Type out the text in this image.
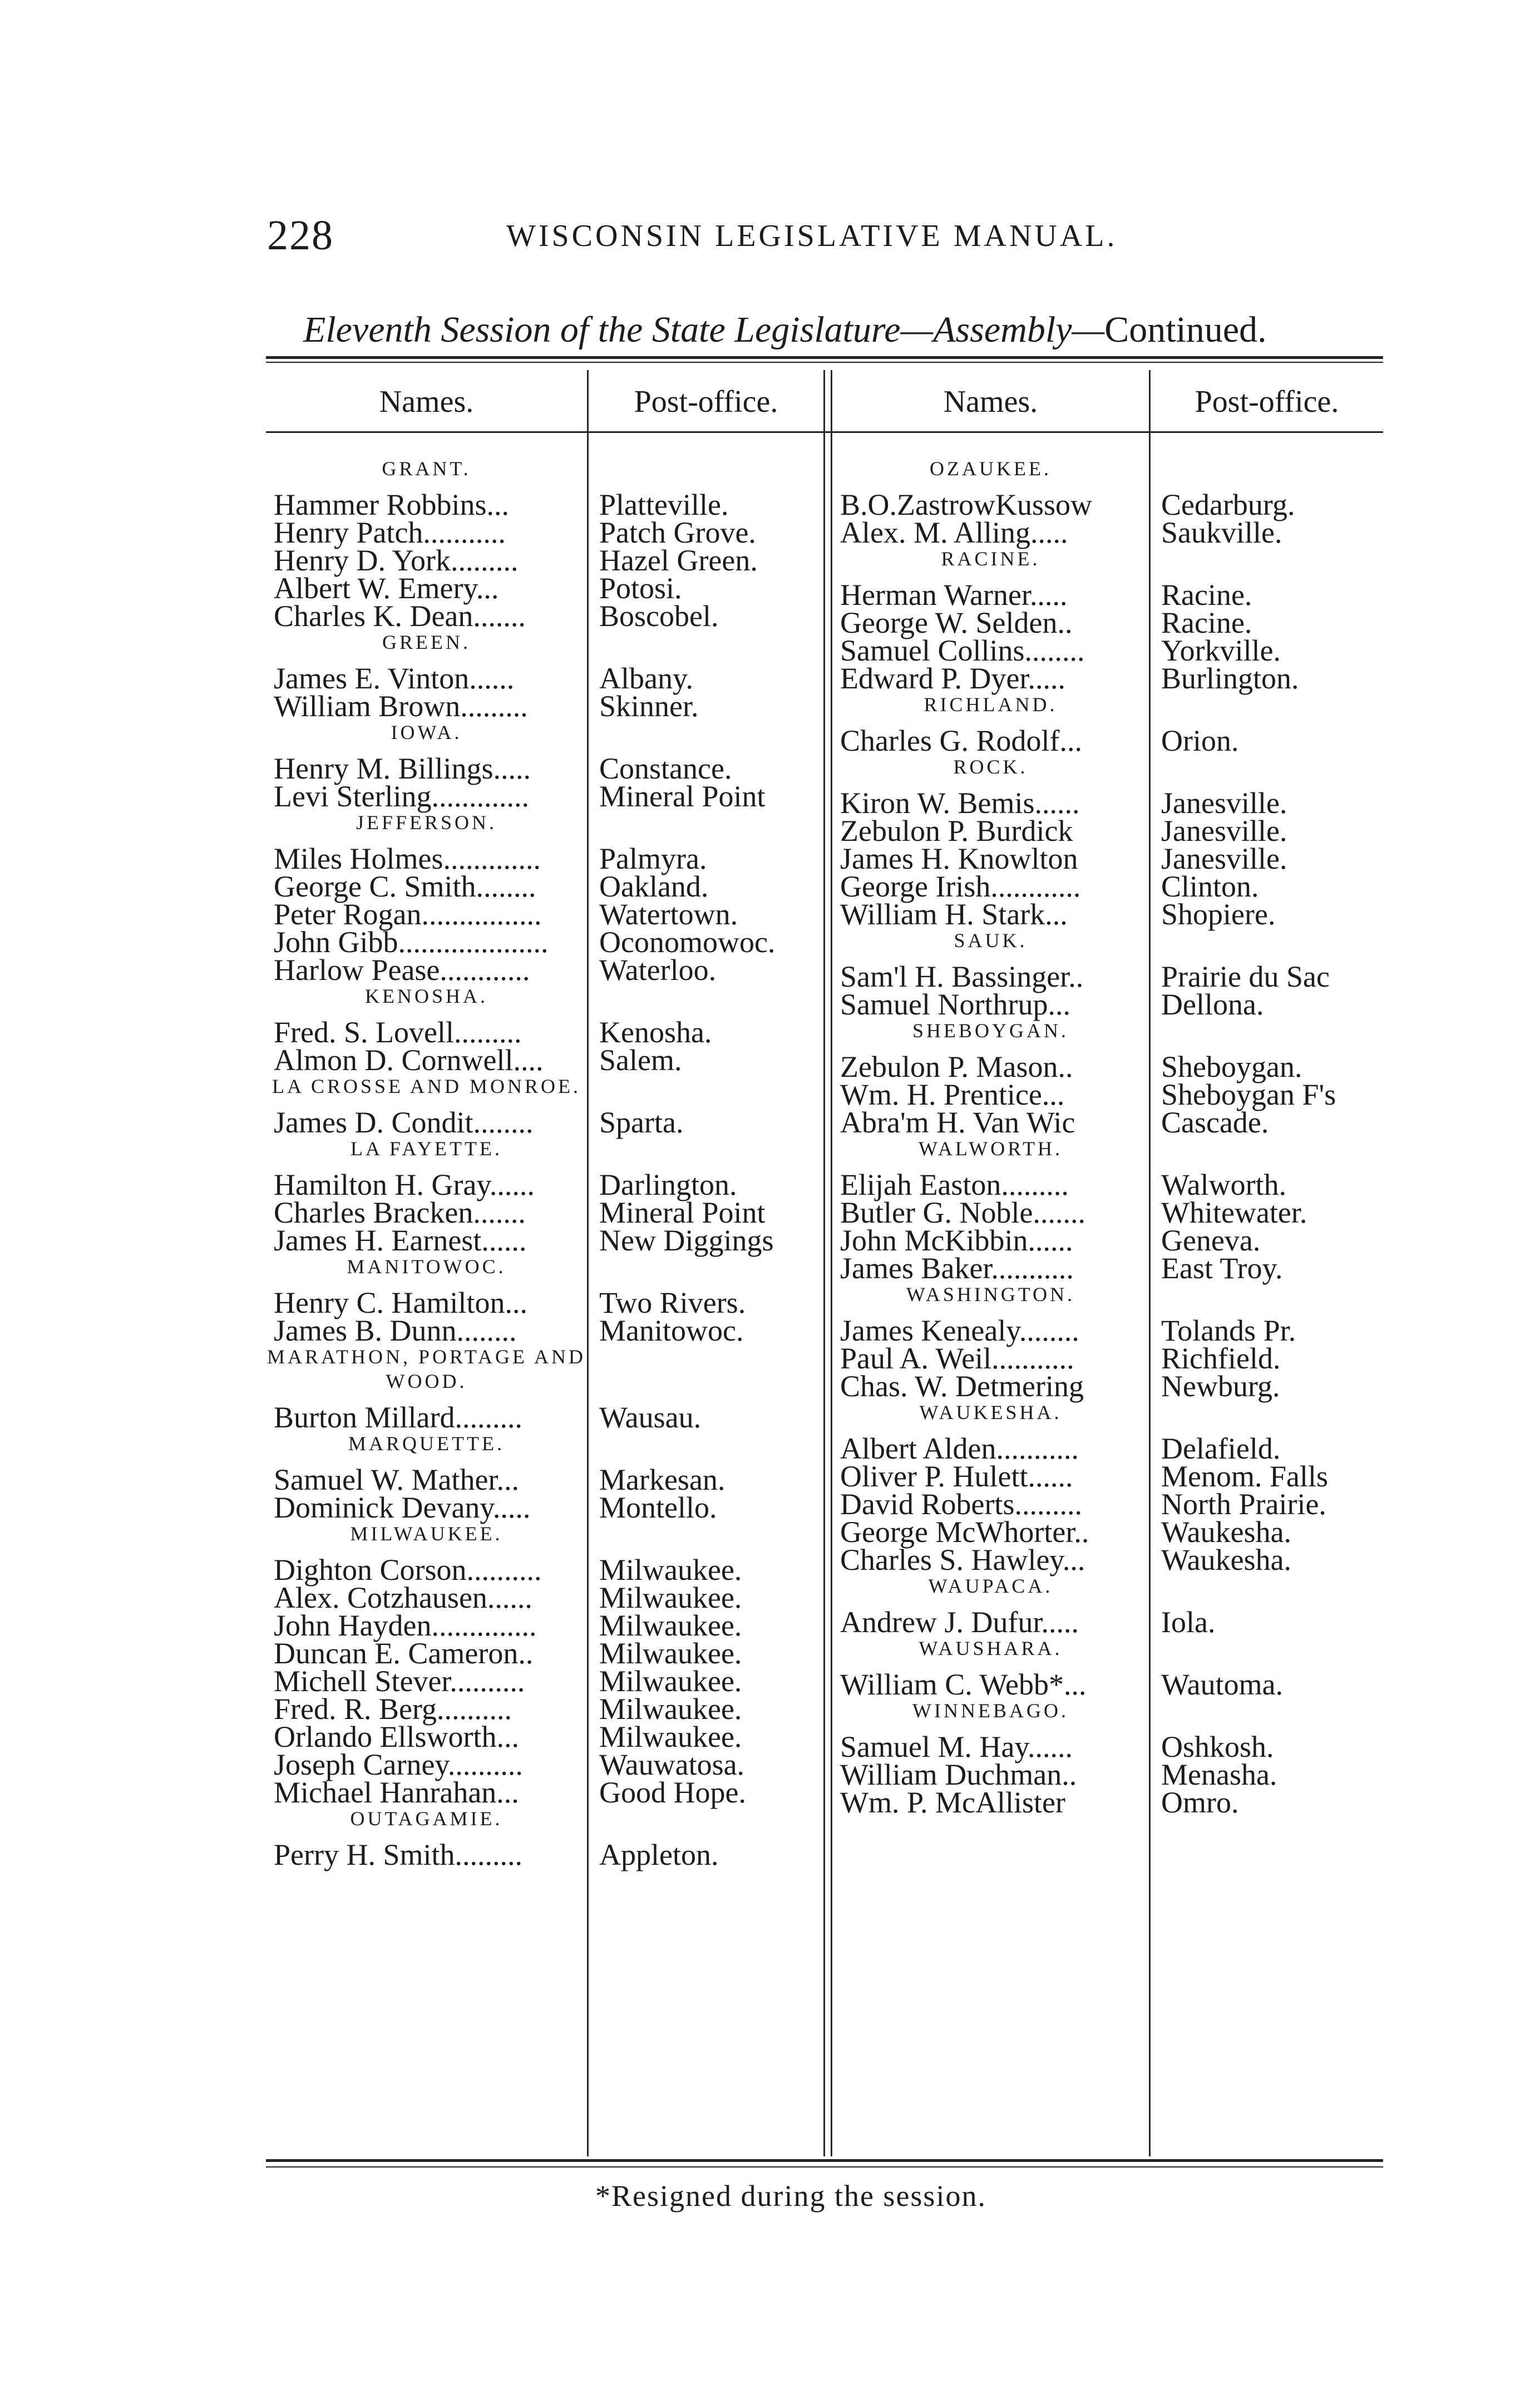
228	WISCONSIN LEGISLATIVE MANUAL.
Eleventh Session of the State Legislature—Assembly—Continued.
Names.	Post-office.	Names.	Post-office.
GRANT.
Hammer Robbins...	Platteville.
Henry Patch...........	Patch Grove.
Henry D. York.........	Hazel Green.
Albert W. Emery...	Potosi.
Charles K. Dean....... Boscobel.
GREEN.
James E. Vinton......	Albany.
William Brown......... Skinner.
IOWA.
Henry M. Billings..... Constance.
Levi Sterling............. Mineral Point
JEFFERSON.
Miles Holmes............. Palmyra.
George C. Smith........ Oakland.
Peter Rogan................ Watertown.
John Gibb.................... Oconomowoc.
Harlow Pease............ Waterloo.
KENOSHA.
Fred. S. Lovell.........	Kenosha.
Almon D. Cornwell.... Salem.
LA CROSSE AND MONROE.
James D. Condit........ Sparta.
LA FAYETTE.
Hamilton H. Gray...... Darlington.
Charles Bracken....... Mineral Point
James H. Earnest...... New Diggings
MANITOWOC.
Henry C. Hamilton... Two Rivers.
James B. Dunn........	Manitowoc.
MARATHON, PORTAGE AND WOOD.
Burton Millard.........	Wausau.
MARQUETTE.
Samuel W. Mather...	Markesan.
Dominick Devany..... Montello.
MILWAUKEE.
Dighton Corson.......... Milwaukee.
Alex. Cotzhausen...... Milwaukee.
John Hayden.............. Milwaukee.
Duncan E. Cameron.. Milwaukee.
Michell Stever.......... Milwaukee.
Fred. R. Berg..........	Milwaukee.
Orlando Ellsworth...	Milwaukee.
Joseph Carney..........	Wauwatosa.
Michael Hanrahan...	Good Hope.
OUTAGAMIE.
Perry H. Smith.........	Appleton.
OZAUKEE.
B.O.ZastrowKussow Cedarburg.
Alex. M. Alling.....	Saukville.
RACINE.
Herman Warner.....	Racine.
George W. Selden..	Racine.
Samuel Collins........	Yorkville.
Edward P. Dyer.....	Burlington.
RICHLAND.
Charles G. Rodolf...	Orion.
ROCK.
Kiron W. Bemis......	Janesville.
Zebulon P. Burdick	Janesville.
James H. Knowlton	Janesville.
George Irish............	Clinton.
William H. Stark...	Shopiere.
SAUK.
Sam'l H. Bassinger..	Prairie du Sac
Samuel Northrup...	Dellona.
SHEBOYGAN.
Zebulon P. Mason..	Sheboygan.
Wm. H. Prentice...	Sheboygan F's
Abra'm H. Van Wic	Cascade.
WALWORTH.
Elijah Easton.........	Walworth.
Butler G. Noble.......	Whitewater.
John McKibbin......	Geneva.
James Baker...........	East Troy.
WASHINGTON.
James Kenealy........	Tolands Pr.
Paul A. Weil...........	Richfield.
Chas. W. Detmering	Newburg.
WAUKESHA.
Albert Alden...........	Delafield.
Oliver P. Hulett......	Menom. Falls
David Roberts.........	North Prairie.
George McWhorter.. Waukesha.
Charles S. Hawley...	Waukesha.
WAUPACA.
Andrew J. Dufur.....	Iola.
WAUSHARA.
William C. Webb*... Wautoma.
WINNEBAGO.
Samuel M. Hay......	Oshkosh.
William Duchman..	Menasha.
Wm. P. McAllister	Omro.
*Resigned during the session.
